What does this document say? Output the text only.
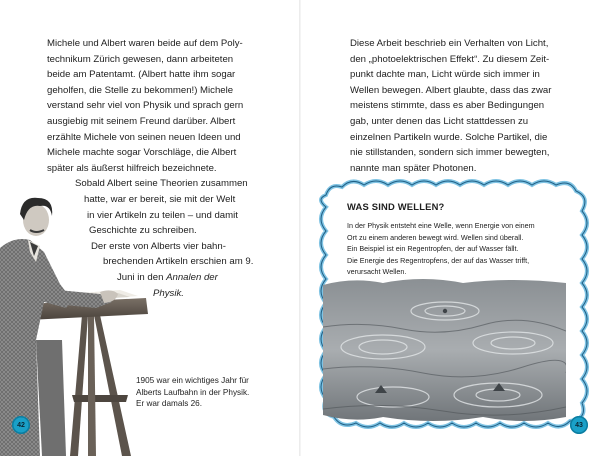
Michele und Albert waren beide auf dem Poly-
technikum Zürich gewesen, dann arbeiteten
beide am Patentamt. (Albert hatte ihm sogar
geholfen, die Stelle zu bekommen!) Michele
verstand sehr viel von Physik und sprach gern
ausgiebig mit seinem Freund darüber. Albert
erzählte Michele von seinen neuen Ideen und
Michele machte sogar Vorschläge, die Albert
später als äußerst hilfreich bezeichnete.

Sobald Albert seine Theorien zusammen
hatte, war er bereit, sie mit der Welt
in vier Artikeln zu teilen – und damit
Geschichte zu schreiben.
Der erste von Alberts vier bahn-
brechenden Artikeln erschien am 9.
Juni in den Annalen der
Physik.

1905 war ein wichtiges Jahr für
Alberts Laufbahn in der Physik.
Er war damals 26.

42

Diese Arbeit beschrieb ein Verhalten von Licht,
den „photoelektrischen Effekt“. Zu diesem Zeit-
punkt dachte man, Licht würde sich immer in
Wellen bewegen. Albert glaubte, dass das zwar
meistens stimmte, dass es aber Bedingungen
gab, unter denen das Licht stattdessen zu
einzelnen Partikeln wurde. Solche Partikel, die
nie stillstanden, sondern sich immer bewegten,
nannte man später Photonen.

WAS SIND WELLEN?

In der Physik entsteht eine Welle, wenn Energie von einem
Ort zu einem anderen bewegt wird. Wellen sind überall.
Ein Beispiel ist ein Regentropfen, der auf Wasser fällt.
Die Energie des Regentropfens, der auf das Wasser trifft,
verursacht Wellen.

43
